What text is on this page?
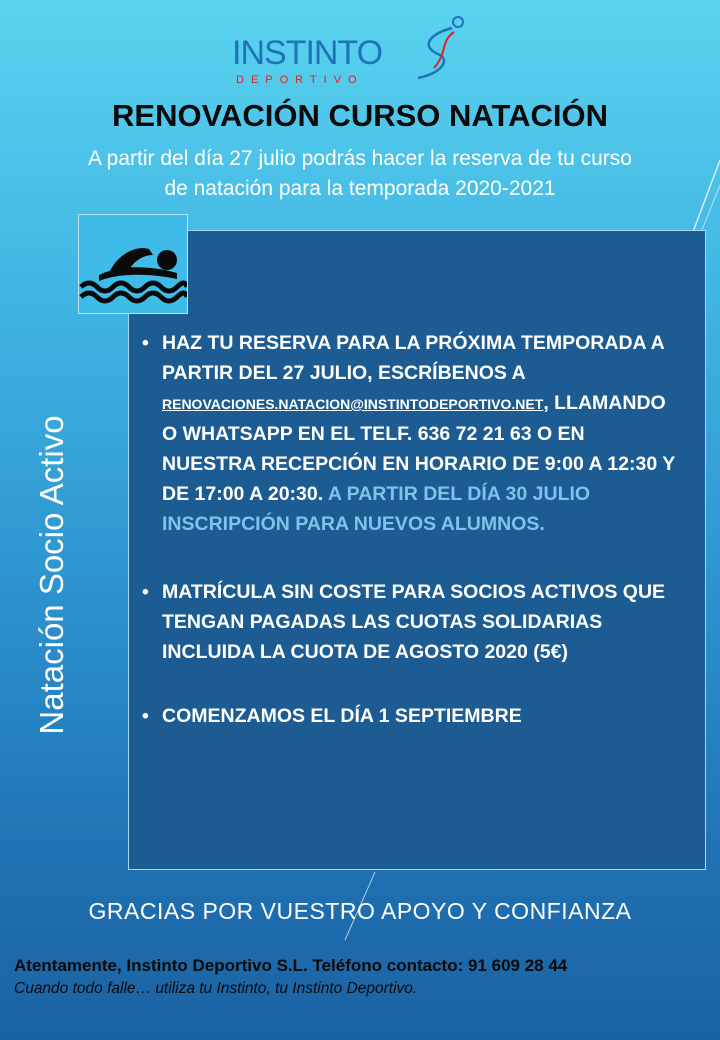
INSTINTO
DEPORTIVO
RENOVACIÓN CURSO NATACIÓN
A partir del día 27 julio podrás hacer la reserva de tu curso
de natación para la temporada 2020-2021
Natación Socio Activo
• HAZ TU RESERVA PARA LA PRÓXIMA TEMPORADA A PARTIR DEL 27 JULIO, ESCRÍBENOS A
RENOVACIONES.NATACION@INSTINTODEPORTIVO.NET, LLAMANDO O WHATSAPP EN EL TELF. 636 72 21 63 O EN NUESTRA RECEPCIÓN EN HORARIO DE 9:00 A 12:30 Y DE 17:00 A 20:30. A PARTIR DEL DÍA 30 JULIO INSCRIPCIÓN PARA NUEVOS ALUMNOS.
• MATRÍCULA SIN COSTE PARA SOCIOS ACTIVOS QUE TENGAN PAGADAS LAS CUOTAS SOLIDARIAS INCLUIDA LA CUOTA DE AGOSTO 2020 (5€)
• COMENZAMOS EL DÍA 1 SEPTIEMBRE
GRACIAS POR VUESTRO APOYO Y CONFIANZA
Atentamente, Instinto Deportivo S.L. Teléfono contacto: 91 609 28 44
Cuando todo falle… utiliza tu Instinto, tu Instinto Deportivo.
